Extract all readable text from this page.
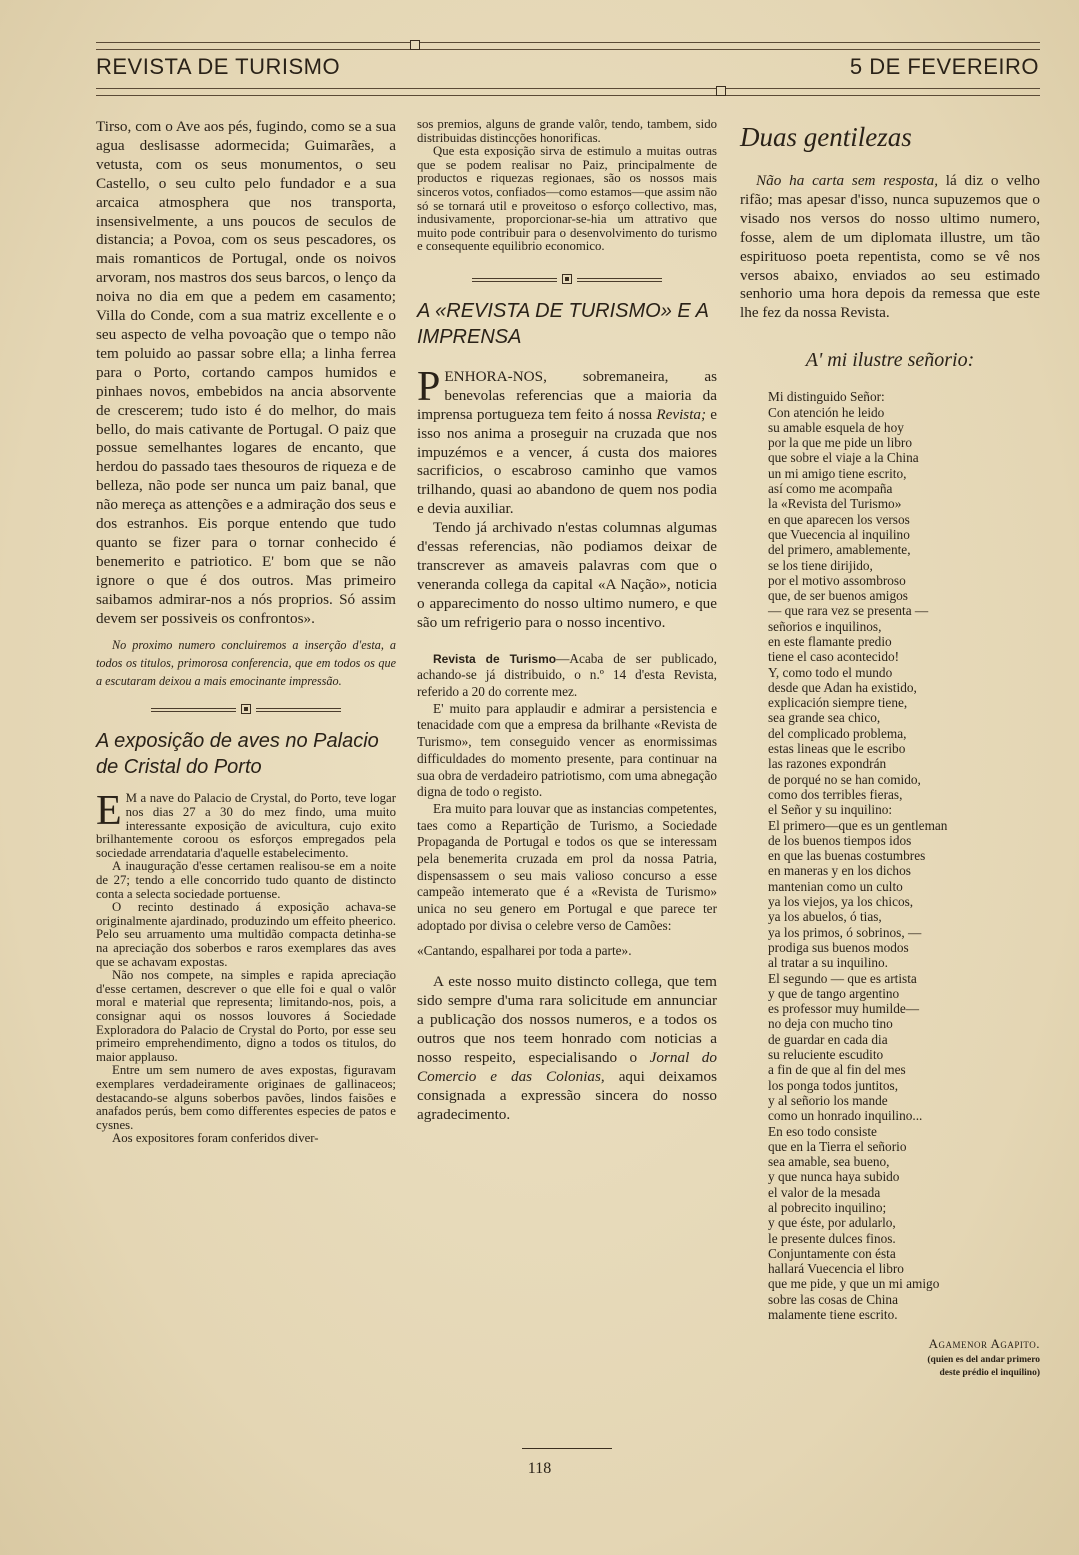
REVISTA DE TURISMO	5 DE FEVEREIRO

Tirso, com o Ave aos pés, fugindo, como se a sua agua deslisasse adormecida; Guimarães, a vetusta, com os seus monumentos, o seu Castello, o seu culto pelo fundador e a sua arcaica atmosphera que nos transporta, insensivelmente, a uns poucos de seculos de distancia; a Povoa, com os seus pescadores, os mais romanticos de Portugal, onde os noivos arvoram, nos mastros dos seus barcos, o lenço da noiva no dia em que a pedem em casamento; Villa do Conde, com a sua matriz excellente e o seu aspecto de velha povoação que o tempo não tem poluido ao passar sobre ella; a linha ferrea para o Porto, cortando campos humidos e pinhaes novos, embebidos na ancia absorvente de crescerem; tudo isto é do melhor, do mais bello, do mais cativante de Portugal. O paiz que possue semelhantes logares de encanto, que herdou do passado taes thesouros de riqueza e de belleza, não pode ser nunca um paiz banal, que não mereça as attenções e a admiração dos seus e dos estranhos. Eis porque entendo que tudo quanto se fizer para o tornar conhecido é benemerito e patriotico. E' bom que se não ignore o que é dos outros. Mas primeiro saibamos admirar-nos a nós proprios. Só assim devem ser possiveis os confrontos».

No proximo numero concluiremos a inserção d'esta, a todos os titulos, primorosa conferencia, que em todos os que a escutaram deixou a mais emocinante impressão.

A exposição de aves no Palacio de Cristal do Porto

E M a nave do Palacio de Crystal, do Porto, teve logar nos dias 27 a 30 do mez findo, uma muito interessante exposição de avicultura, cujo exito brilhantemente coroou os esforços empregados pela sociedade arrendataria d'aquelle estabelecimento.

A inauguração d'esse certamen realisou-se em a noite de 27; tendo a elle concorrido tudo quanto de distincto conta a selecta sociedade portuense.

O recinto destinado á exposição achava-se originalmente ajardinado, produzindo um effeito phеerico. Pelo seu arruamento uma multidão compacta detinha-se na apreciação dos soberbos e raros exemplares das aves que se achavam expostas.

Não nos compete, na simples e rapida apreciação d'esse certamen, descrever o que elle foi e qual o valôr moral e material que representa; limitando-nos, pois, a consignar aqui os nossos louvores á Sociedade Exploradora do Palacio de Crystal do Porto, por esse seu primeiro emprehendimento, digno a todos os titulos, do maior applauso.

Entre um sem numero de aves expostas, figuravam exemplares verdadeiramente originaes de gallinaceos; destacando-se alguns soberbos pavões, lindos faisões e anafados perús, bem como differentes especies de patos e cysnes.

Aos expositores foram conferidos diver-

sos premios, alguns de grande valôr, tendo, tambem, sido distribuidas distincções honorificas.

Que esta exposição sirva de estimulo a muitas outras que se podem realisar no Paiz, principalmente de productos e riquezas regionaes, são os nossos mais sinceros votos, confiados—como estamos—que assim não só se tornará util e proveitoso o esforço collectivo, mas, indusivamente, proporcionar-se-hia um attrativo que muito pode contribuir para o desenvolvimento do turismo e consequente equilibrio economico.

A «REVISTA DE TURISMO» E A IMPRENSA

PENHORA-NOS, sobremaneira, as benevolas referencias que a maioria da imprensa portugueza tem feito á nossa Revista; e isso nos anima a proseguir na cruzada que nos impuzémos e a vencer, á custa dos maiores sacrificios, o escabroso caminho que vamos trilhando, quasi ao abandono de quem nos podia e devia auxiliar.

Tendo já archivado n'estas columnas algumas d'essas referencias, não podiamos deixar de transcrever as amaveis palavras com que o veneranda collega da capital «A Nação», noticia o apparecimento do nosso ultimo numero, e que são um refrigerio para o nosso incentivo.

Revista de Turismo—Acaba de ser publicado, achando-se já distribuido, o n.º 14 d'esta Revista, referido a 20 do corrente mez.

E' muito para applaudir e admirar a persistencia e tenacidade com que a empresa da brilhante «Revista de Turismo», tem conseguido vencer as enormissimas difficuldades do momento presente, para continuar na sua obra de verdadeiro patriotismo, com uma abnegação digna de todo o registo.

Era muito para louvar que as instancias competentes, taes como a Repartição de Turismo, a Sociedade Propaganda de Portugal e todos os que se interessam pela benemerita cruzada em prol da nossa Patria, dispensassem o seu mais valioso concurso a esse campeão intemerato que é a «Revista de Turismo» unica no seu genero em Portugal e que parece ter adoptado por divisa o celebre verso de Camões:

«Cantando, espalharei por toda a parte».

A este nosso muito distincto collega, que tem sido sempre d'uma rara solicitude em annunciar a publicação dos nossos numeros, e a todos os outros que nos teem honrado com noticias a nosso respeito, especialisando o Jornal do Comercio e das Colonias, aqui deixamos consignada a expressão sincera do nosso agradecimento.

Duas gentilezas

Não ha carta sem resposta, lá diz o velho rifão; mas apesar d'isso, nunca supuzemos que o visado nos versos do nosso ultimo numero, fosse, alem de um diplomata illustre, um tão espirituoso poeta repentista, como se vê nos versos abaixo, enviados ao seu estimado senhorio uma hora depois da remessa que este lhe fez da nossa Revista.

A' mi ilustre señorio:
Mi distinguido Señor:
Con atención he leido
su amable esquela de hoy
por la que me pide un libro
que sobre el viaje a la China
un mi amigo tiene escrito,
así como me acompaña
la «Revista del Turismo»
en que aparecen los versos
que Vuecencia al inquilino
del primero, amablemente,
se los tiene dirijido,
por el motivo assombroso
que, de ser buenos amigos
— que rara vez se presenta —
señorios e inquilinos,
en este flamante predio
tiene el caso acontecido!
Y, como todo el mundo
desde que Adan ha existido,
explicación siempre tiene,
sea grande sea chico,
del complicado problema,
estas lineas que le escribo
las razones expondrán
de porqué no se han comido,
como dos terribles fieras,
el Señor y su inquilino:
El primero—que es un gentleman
de los buenos tiempos idos
en que las buenas costumbres
en maneras y en los dichos
mantenian como un culto
ya los viejos, ya los chicos,
ya los abuelos, ó tias,
ya los primos, ó sobrinos, —
prodiga sus buenos modos
al tratar a su inquilino.
El segundo — que es artista
y que de tango argentino
es professor muy humilde—
no deja con mucho tino
de guardar en cada dia
su reluciente escudito
a fin de que al fin del mes
los ponga todos juntitos,
y al señorio los mande
como un honrado inquilino...
En eso todo consiste
que en la Tierra el señorio
sea amable, sea bueno,
y que nunca haya subido
el valor de la mesada
al pobrecito inquilino;
y que éste, por adularlo,
le presente dulces finos.
Conjuntamente con ésta
hallará Vuecencia el libro
que me pide, y que un mi amigo
sobre las cosas de China
malamente tiene escrito.
Agamenor Agapito.
(quien es del andar primero
deste prédio el inquilino)
118
